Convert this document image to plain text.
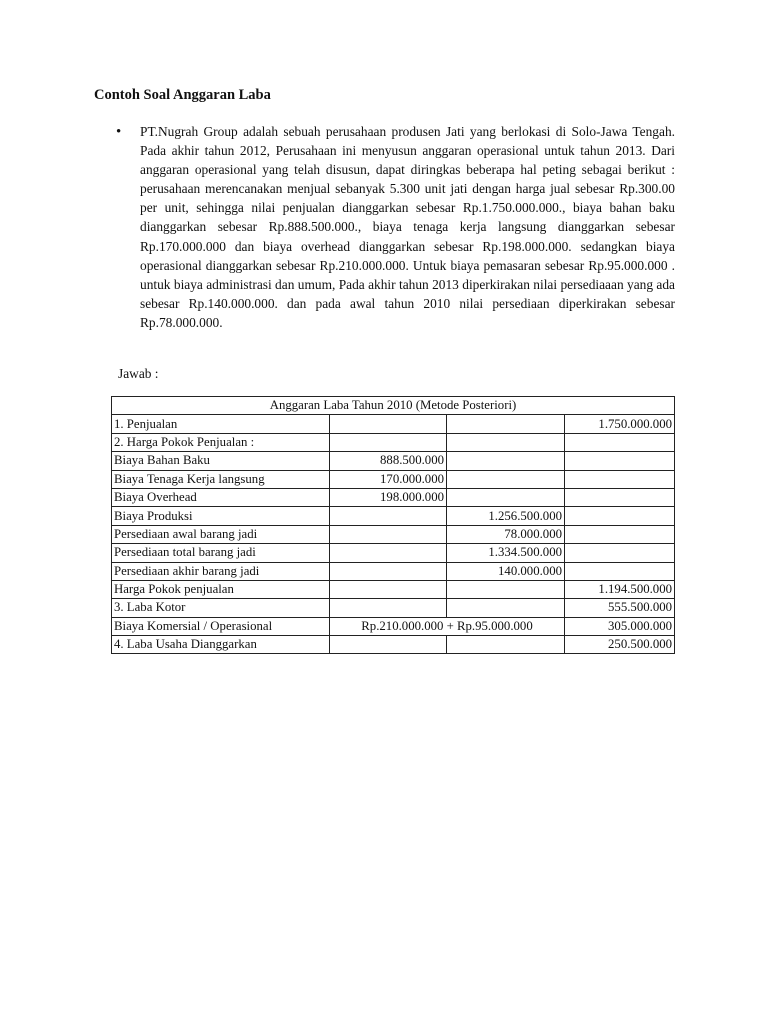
Contoh Soal Anggaran Laba
• PT.Nugrah Group adalah sebuah perusahaan produsen Jati yang berlokasi di Solo-Jawa Tengah. Pada akhir tahun 2012, Perusahaan ini menyusun anggaran operasional untuk tahun 2013. Dari anggaran operasional yang telah disusun, dapat diringkas beberapa hal peting sebagai berikut : perusahaan merencanakan menjual sebanyak 5.300 unit jati dengan harga jual sebesar Rp.300.00 per unit, sehingga nilai penjualan dianggarkan sebesar Rp.1.750.000.000., biaya bahan baku dianggarkan sebesar Rp.888.500.000., biaya tenaga kerja langsung dianggarkan sebesar Rp.170.000.000 dan biaya overhead dianggarkan sebesar Rp.198.000.000. sedangkan biaya operasional dianggarkan sebesar Rp.210.000.000. Untuk biaya pemasaran sebesar Rp.95.000.000 . untuk biaya administrasi dan umum, Pada akhir tahun 2013 diperkirakan nilai persediaaan yang ada sebesar Rp.140.000.000. dan pada awal tahun 2010 nilai persediaan diperkirakan sebesar Rp.78.000.000.
Jawab :
Anggaran Laba Tahun 2010 (Metode Posteriori)			
1. Penjualan			1.750.000.000
2. Harga Pokok Penjualan :			
Biaya Bahan Baku	888.500.000		
Biaya Tenaga Kerja langsung	170.000.000		
Biaya Overhead	198.000.000		
Biaya Produksi		1.256.500.000	
Persediaan awal barang jadi		78.000.000	
Persediaan total barang jadi		1.334.500.000	
Persediaan akhir barang jadi		140.000.000	
Harga Pokok penjualan			1.194.500.000
3. Laba Kotor			555.500.000
Biaya Komersial / Operasional	Rp.210.000.000 + Rp.95.000.000		305.000.000
4. Laba Usaha Dianggarkan			250.500.000
